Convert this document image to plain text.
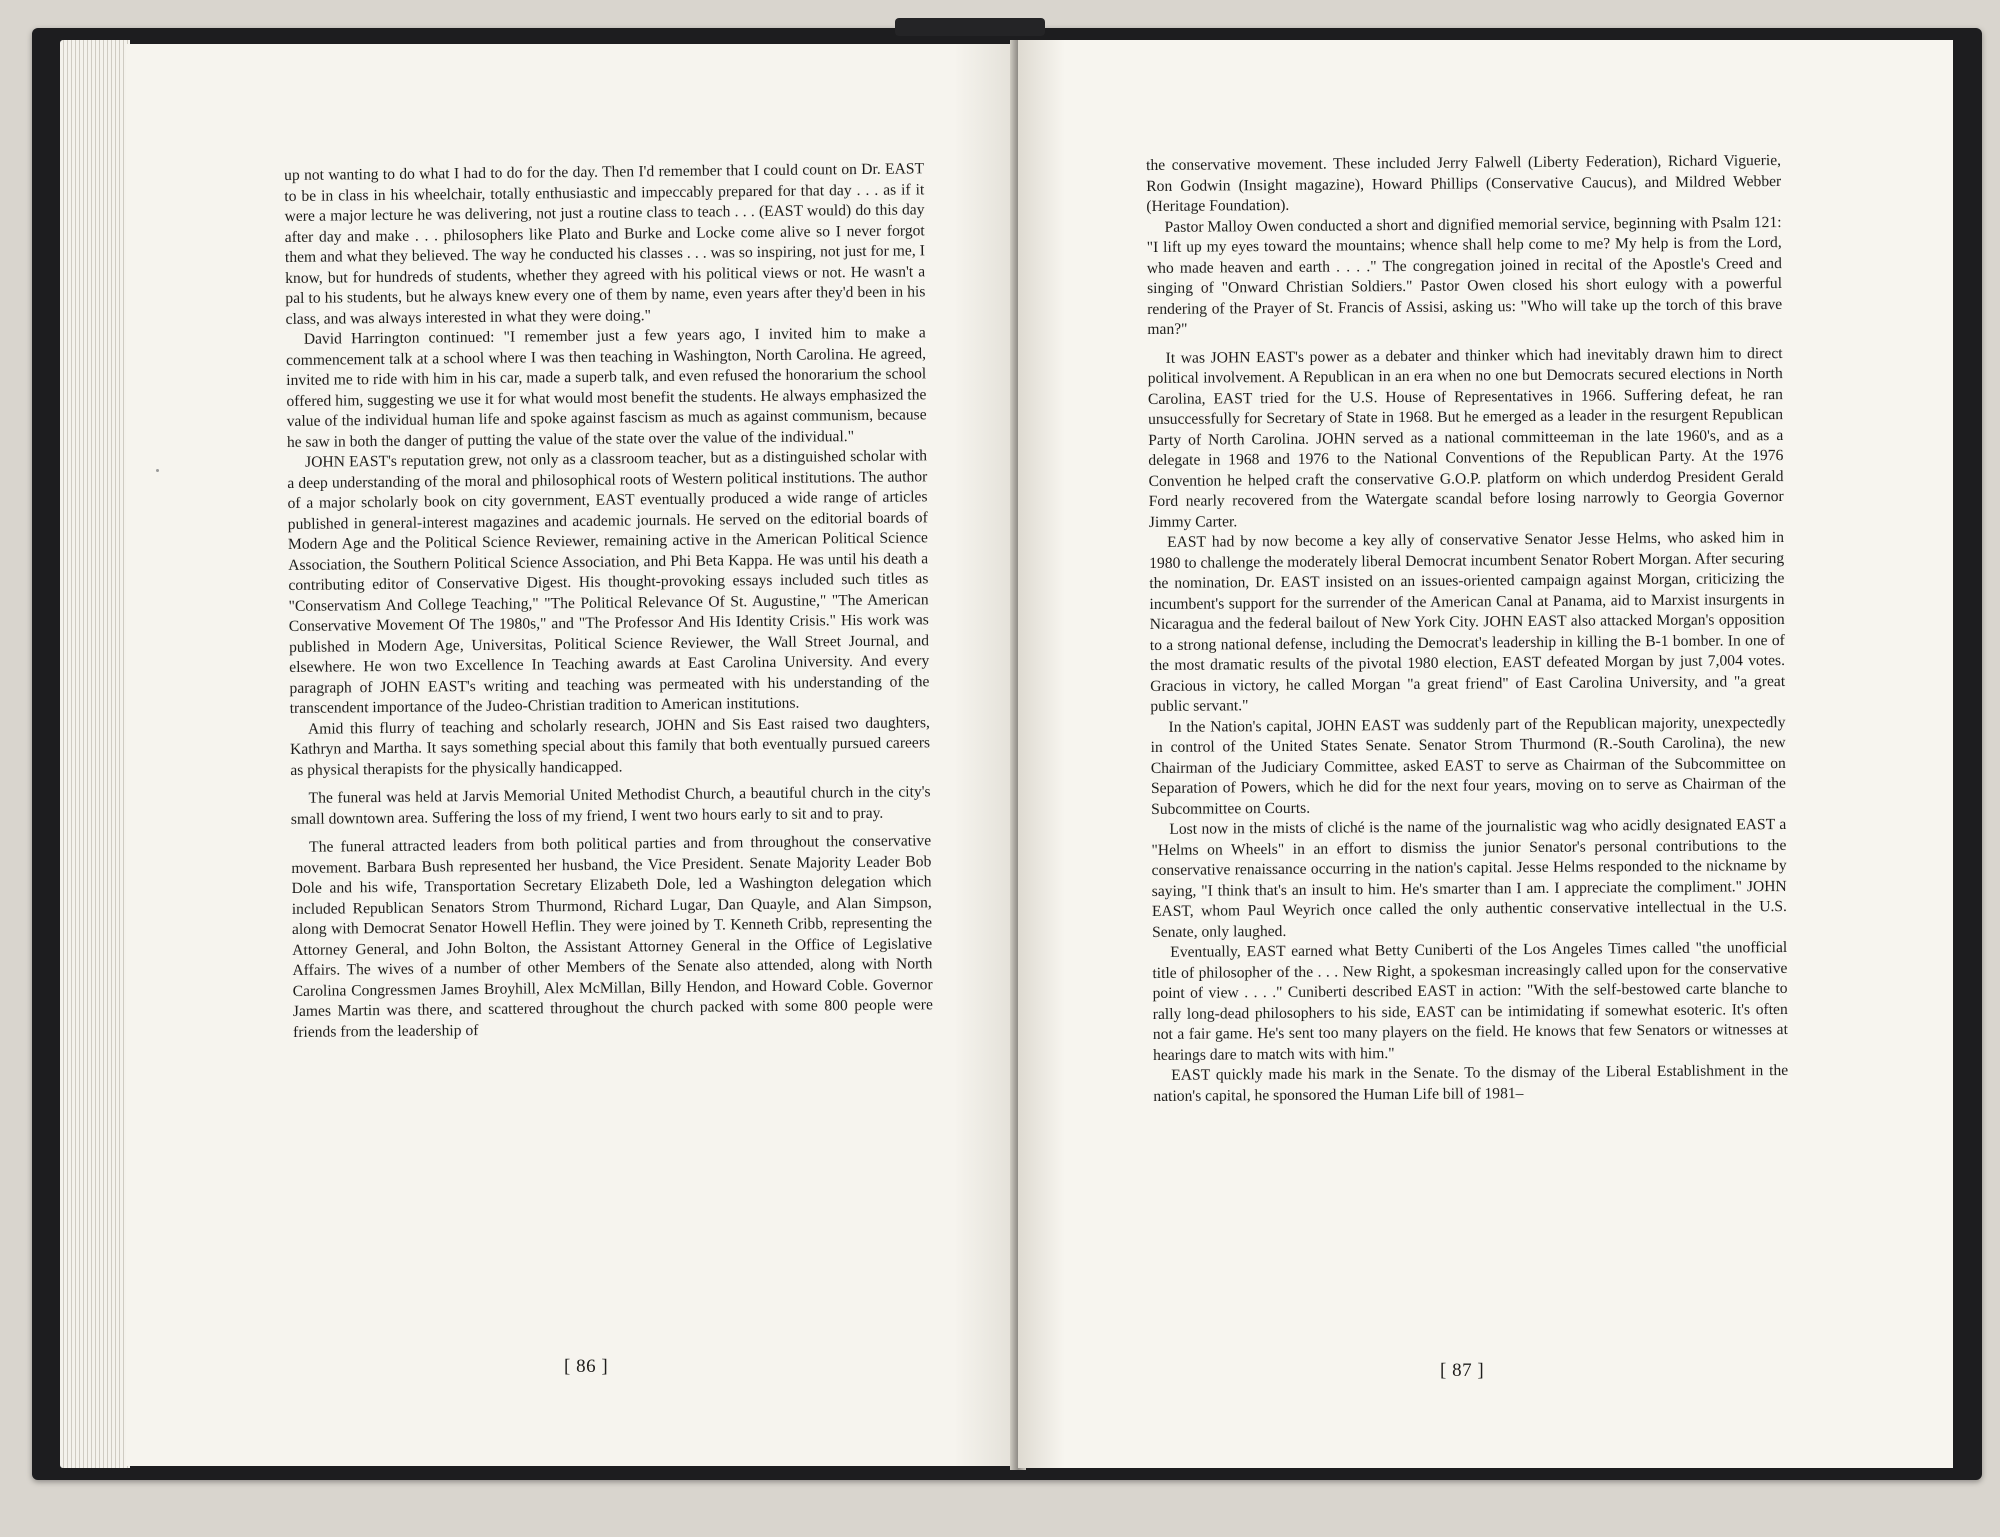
up not wanting to do what I had to do for the day. Then I'd remember that I could count on Dr. EAST to be in class in his wheelchair, totally enthusiastic and impeccably prepared for that day . . . as if it were a major lecture he was delivering, not just a routine class to teach . . . (EAST would) do this day after day and make . . . philosophers like Plato and Burke and Locke come alive so I never forgot them and what they believed. The way he conducted his classes . . . was so inspiring, not just for me, I know, but for hundreds of students, whether they agreed with his political views or not. He wasn't a pal to his students, but he always knew every one of them by name, even years after they'd been in his class, and was always interested in what they were doing."

David Harrington continued: "I remember just a few years ago, I invited him to make a commencement talk at a school where I was then teaching in Washington, North Carolina. He agreed, invited me to ride with him in his car, made a superb talk, and even refused the honorarium the school offered him, suggesting we use it for what would most benefit the students. He always emphasized the value of the individual human life and spoke against fascism as much as against communism, because he saw in both the danger of putting the value of the state over the value of the individual."

JOHN EAST's reputation grew, not only as a classroom teacher, but as a distinguished scholar with a deep understanding of the moral and philosophical roots of Western political institutions. The author of a major scholarly book on city government, EAST eventually produced a wide range of articles published in general-interest magazines and academic journals. He served on the editorial boards of Modern Age and the Political Science Reviewer, remaining active in the American Political Science Association, the Southern Political Science Association, and Phi Beta Kappa. He was until his death a contributing editor of Conservative Digest. His thought-provoking essays included such titles as "Conservatism And College Teaching," "The Political Relevance Of St. Augustine," "The American Conservative Movement Of The 1980s," and "The Professor And His Identity Crisis." His work was published in Modern Age, Universitas, Political Science Reviewer, the Wall Street Journal, and elsewhere. He won two Excellence In Teaching awards at East Carolina University. And every paragraph of JOHN EAST's writing and teaching was permeated with his understanding of the transcendent importance of the Judeo-Christian tradition to American institutions.

Amid this flurry of teaching and scholarly research, JOHN and Sis East raised two daughters, Kathryn and Martha. It says something special about this family that both eventually pursued careers as physical therapists for the physically handicapped.

The funeral was held at Jarvis Memorial United Methodist Church, a beautiful church in the city's small downtown area. Suffering the loss of my friend, I went two hours early to sit and to pray.

The funeral attracted leaders from both political parties and from throughout the conservative movement. Barbara Bush represented her husband, the Vice President. Senate Majority Leader Bob Dole and his wife, Transportation Secretary Elizabeth Dole, led a Washington delegation which included Republican Senators Strom Thurmond, Richard Lugar, Dan Quayle, and Alan Simpson, along with Democrat Senator Howell Heflin. They were joined by T. Kenneth Cribb, representing the Attorney General, and John Bolton, the Assistant Attorney General in the Office of Legislative Affairs. The wives of a number of other Members of the Senate also attended, along with North Carolina Congressmen James Broyhill, Alex McMillan, Billy Hendon, and Howard Coble. Governor James Martin was there, and scattered throughout the church packed with some 800 people were friends from the leadership of

[ 86 ]

the conservative movement. These included Jerry Falwell (Liberty Federation), Richard Viguerie, Ron Godwin (Insight magazine), Howard Phillips (Conservative Caucus), and Mildred Webber (Heritage Foundation).

Pastor Malloy Owen conducted a short and dignified memorial service, beginning with Psalm 121: "I lift up my eyes toward the mountains; whence shall help come to me? My help is from the Lord, who made heaven and earth . . . ." The congregation joined in recital of the Apostle's Creed and singing of "Onward Christian Soldiers." Pastor Owen closed his short eulogy with a powerful rendering of the Prayer of St. Francis of Assisi, asking us: "Who will take up the torch of this brave man?"

It was JOHN EAST's power as a debater and thinker which had inevitably drawn him to direct political involvement. A Republican in an era when no one but Democrats secured elections in North Carolina, EAST tried for the U.S. House of Representatives in 1966. Suffering defeat, he ran unsuccessfully for Secretary of State in 1968. But he emerged as a leader in the resurgent Republican Party of North Carolina. JOHN served as a national committeeman in the late 1960's, and as a delegate in 1968 and 1976 to the National Conventions of the Republican Party. At the 1976 Convention he helped craft the conservative G.O.P. platform on which underdog President Gerald Ford nearly recovered from the Watergate scandal before losing narrowly to Georgia Governor Jimmy Carter.

EAST had by now become a key ally of conservative Senator Jesse Helms, who asked him in 1980 to challenge the moderately liberal Democrat incumbent Senator Robert Morgan. After securing the nomination, Dr. EAST insisted on an issues-oriented campaign against Morgan, criticizing the incumbent's support for the surrender of the American Canal at Panama, aid to Marxist insurgents in Nicaragua and the federal bailout of New York City. JOHN EAST also attacked Morgan's opposition to a strong national defense, including the Democrat's leadership in killing the B-1 bomber. In one of the most dramatic results of the pivotal 1980 election, EAST defeated Morgan by just 7,004 votes. Gracious in victory, he called Morgan "a great friend" of East Carolina University, and "a great public servant."

In the Nation's capital, JOHN EAST was suddenly part of the Republican majority, unexpectedly in control of the United States Senate. Senator Strom Thurmond (R.-South Carolina), the new Chairman of the Judiciary Committee, asked EAST to serve as Chairman of the Subcommittee on Separation of Powers, which he did for the next four years, moving on to serve as Chairman of the Subcommittee on Courts.

Lost now in the mists of cliché is the name of the journalistic wag who acidly designated EAST a "Helms on Wheels" in an effort to dismiss the junior Senator's personal contributions to the conservative renaissance occurring in the nation's capital. Jesse Helms responded to the nickname by saying, "I think that's an insult to him. He's smarter than I am. I appreciate the compliment." JOHN EAST, whom Paul Weyrich once called the only authentic conservative intellectual in the U.S. Senate, only laughed.

Eventually, EAST earned what Betty Cuniberti of the Los Angeles Times called "the unofficial title of philosopher of the . . . New Right, a spokesman increasingly called upon for the conservative point of view . . . ." Cuniberti described EAST in action: "With the self-bestowed carte blanche to rally long-dead philosophers to his side, EAST can be intimidating if somewhat esoteric. It's often not a fair game. He's sent too many players on the field. He knows that few Senators or witnesses at hearings dare to match wits with him."

EAST quickly made his mark in the Senate. To the dismay of the Liberal Establishment in the nation's capital, he sponsored the Human Life bill of 1981–

[ 87 ]
